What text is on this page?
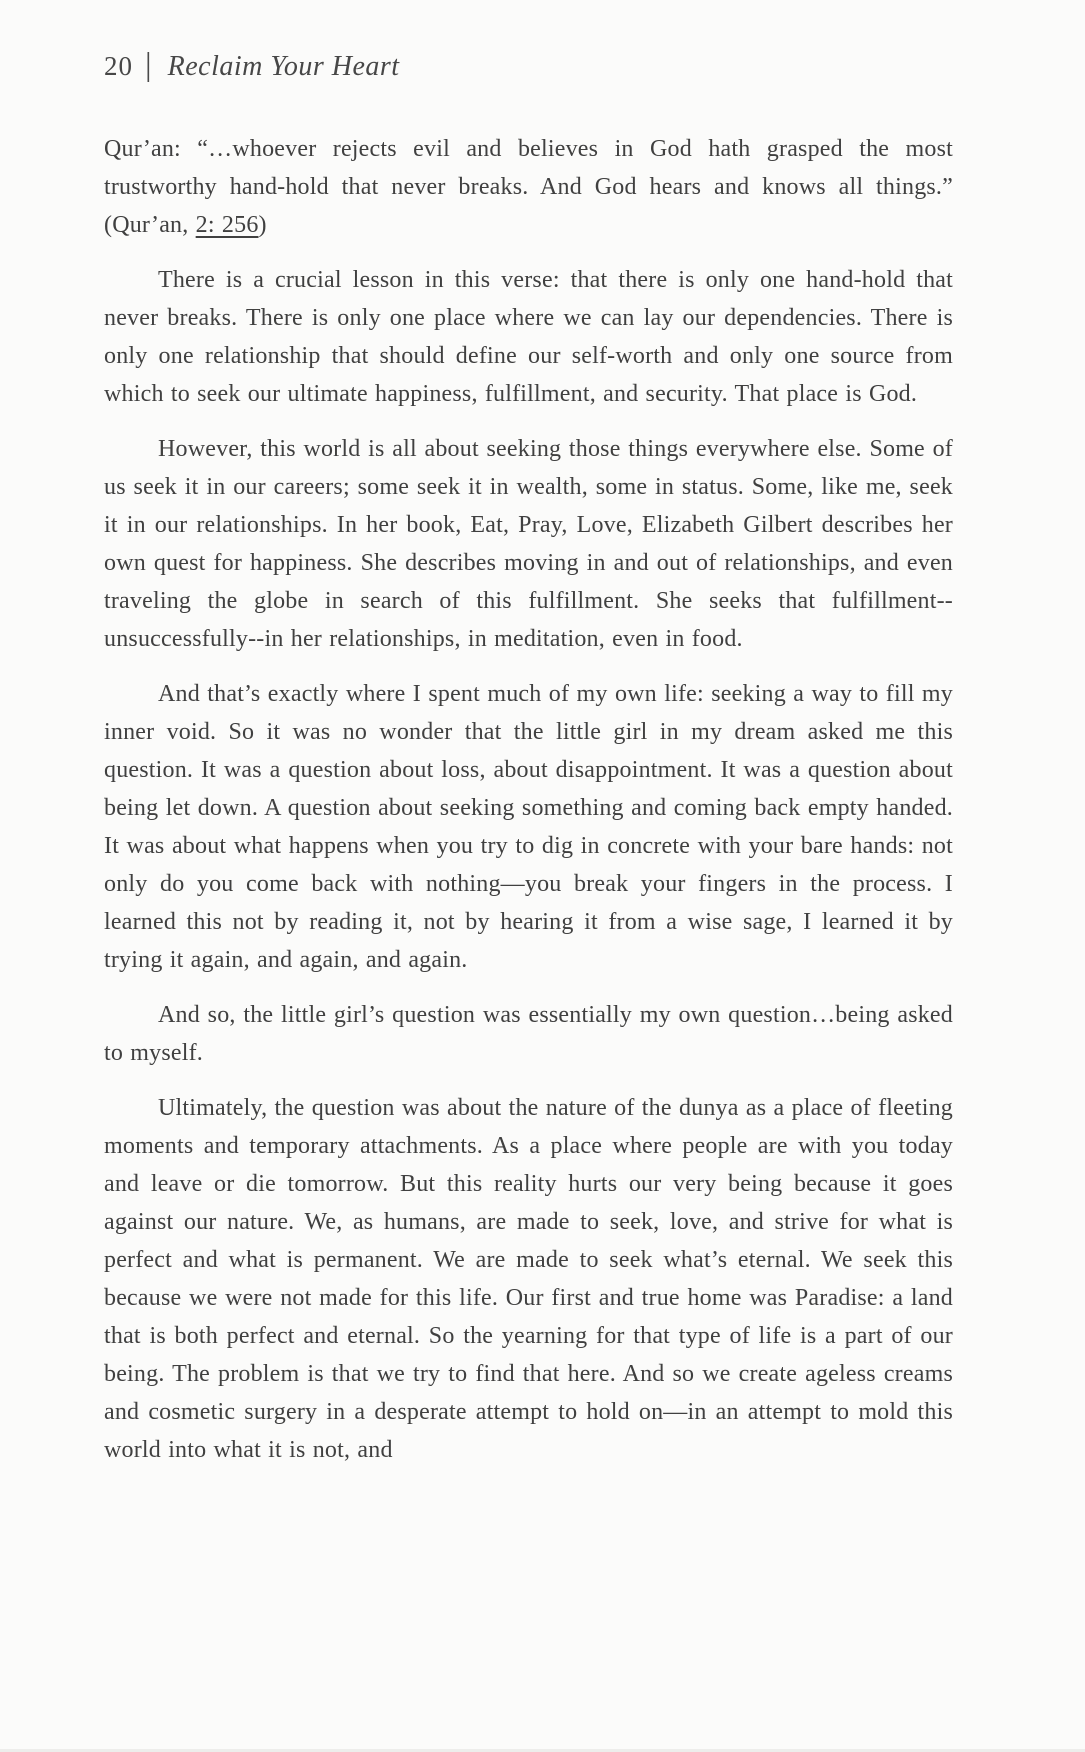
20 | Reclaim Your Heart

Qur’an: “…whoever rejects evil and believes in God hath grasped the most trustworthy hand-hold that never breaks. And God hears and knows all things.” (Qur’an, 2: 256)

There is a crucial lesson in this verse: that there is only one hand-hold that never breaks. There is only one place where we can lay our dependencies. There is only one relationship that should define our self-worth and only one source from which to seek our ultimate happiness, fulfillment, and security. That place is God.

However, this world is all about seeking those things everywhere else. Some of us seek it in our careers; some seek it in wealth, some in status. Some, like me, seek it in our relationships. In her book, Eat, Pray, Love, Elizabeth Gilbert describes her own quest for happiness. She describes moving in and out of relationships, and even traveling the globe in search of this fulfillment. She seeks that fulfillment--unsuccessfully--in her relationships, in meditation, even in food.

And that’s exactly where I spent much of my own life: seeking a way to fill my inner void. So it was no wonder that the little girl in my dream asked me this question. It was a question about loss, about disappointment. It was a question about being let down. A question about seeking something and coming back empty handed. It was about what happens when you try to dig in concrete with your bare hands: not only do you come back with nothing—you break your fingers in the process. I learned this not by reading it, not by hearing it from a wise sage, I learned it by trying it again, and again, and again.

And so, the little girl’s question was essentially my own question…being asked to myself.

Ultimately, the question was about the nature of the dunya as a place of fleeting moments and temporary attachments. As a place where people are with you today and leave or die tomorrow. But this reality hurts our very being because it goes against our nature. We, as humans, are made to seek, love, and strive for what is perfect and what is permanent. We are made to seek what’s eternal. We seek this because we were not made for this life. Our first and true home was Paradise: a land that is both perfect and eternal. So the yearning for that type of life is a part of our being. The problem is that we try to find that here. And so we create ageless creams and cosmetic surgery in a desperate attempt to hold on—in an attempt to mold this world into what it is not, and
